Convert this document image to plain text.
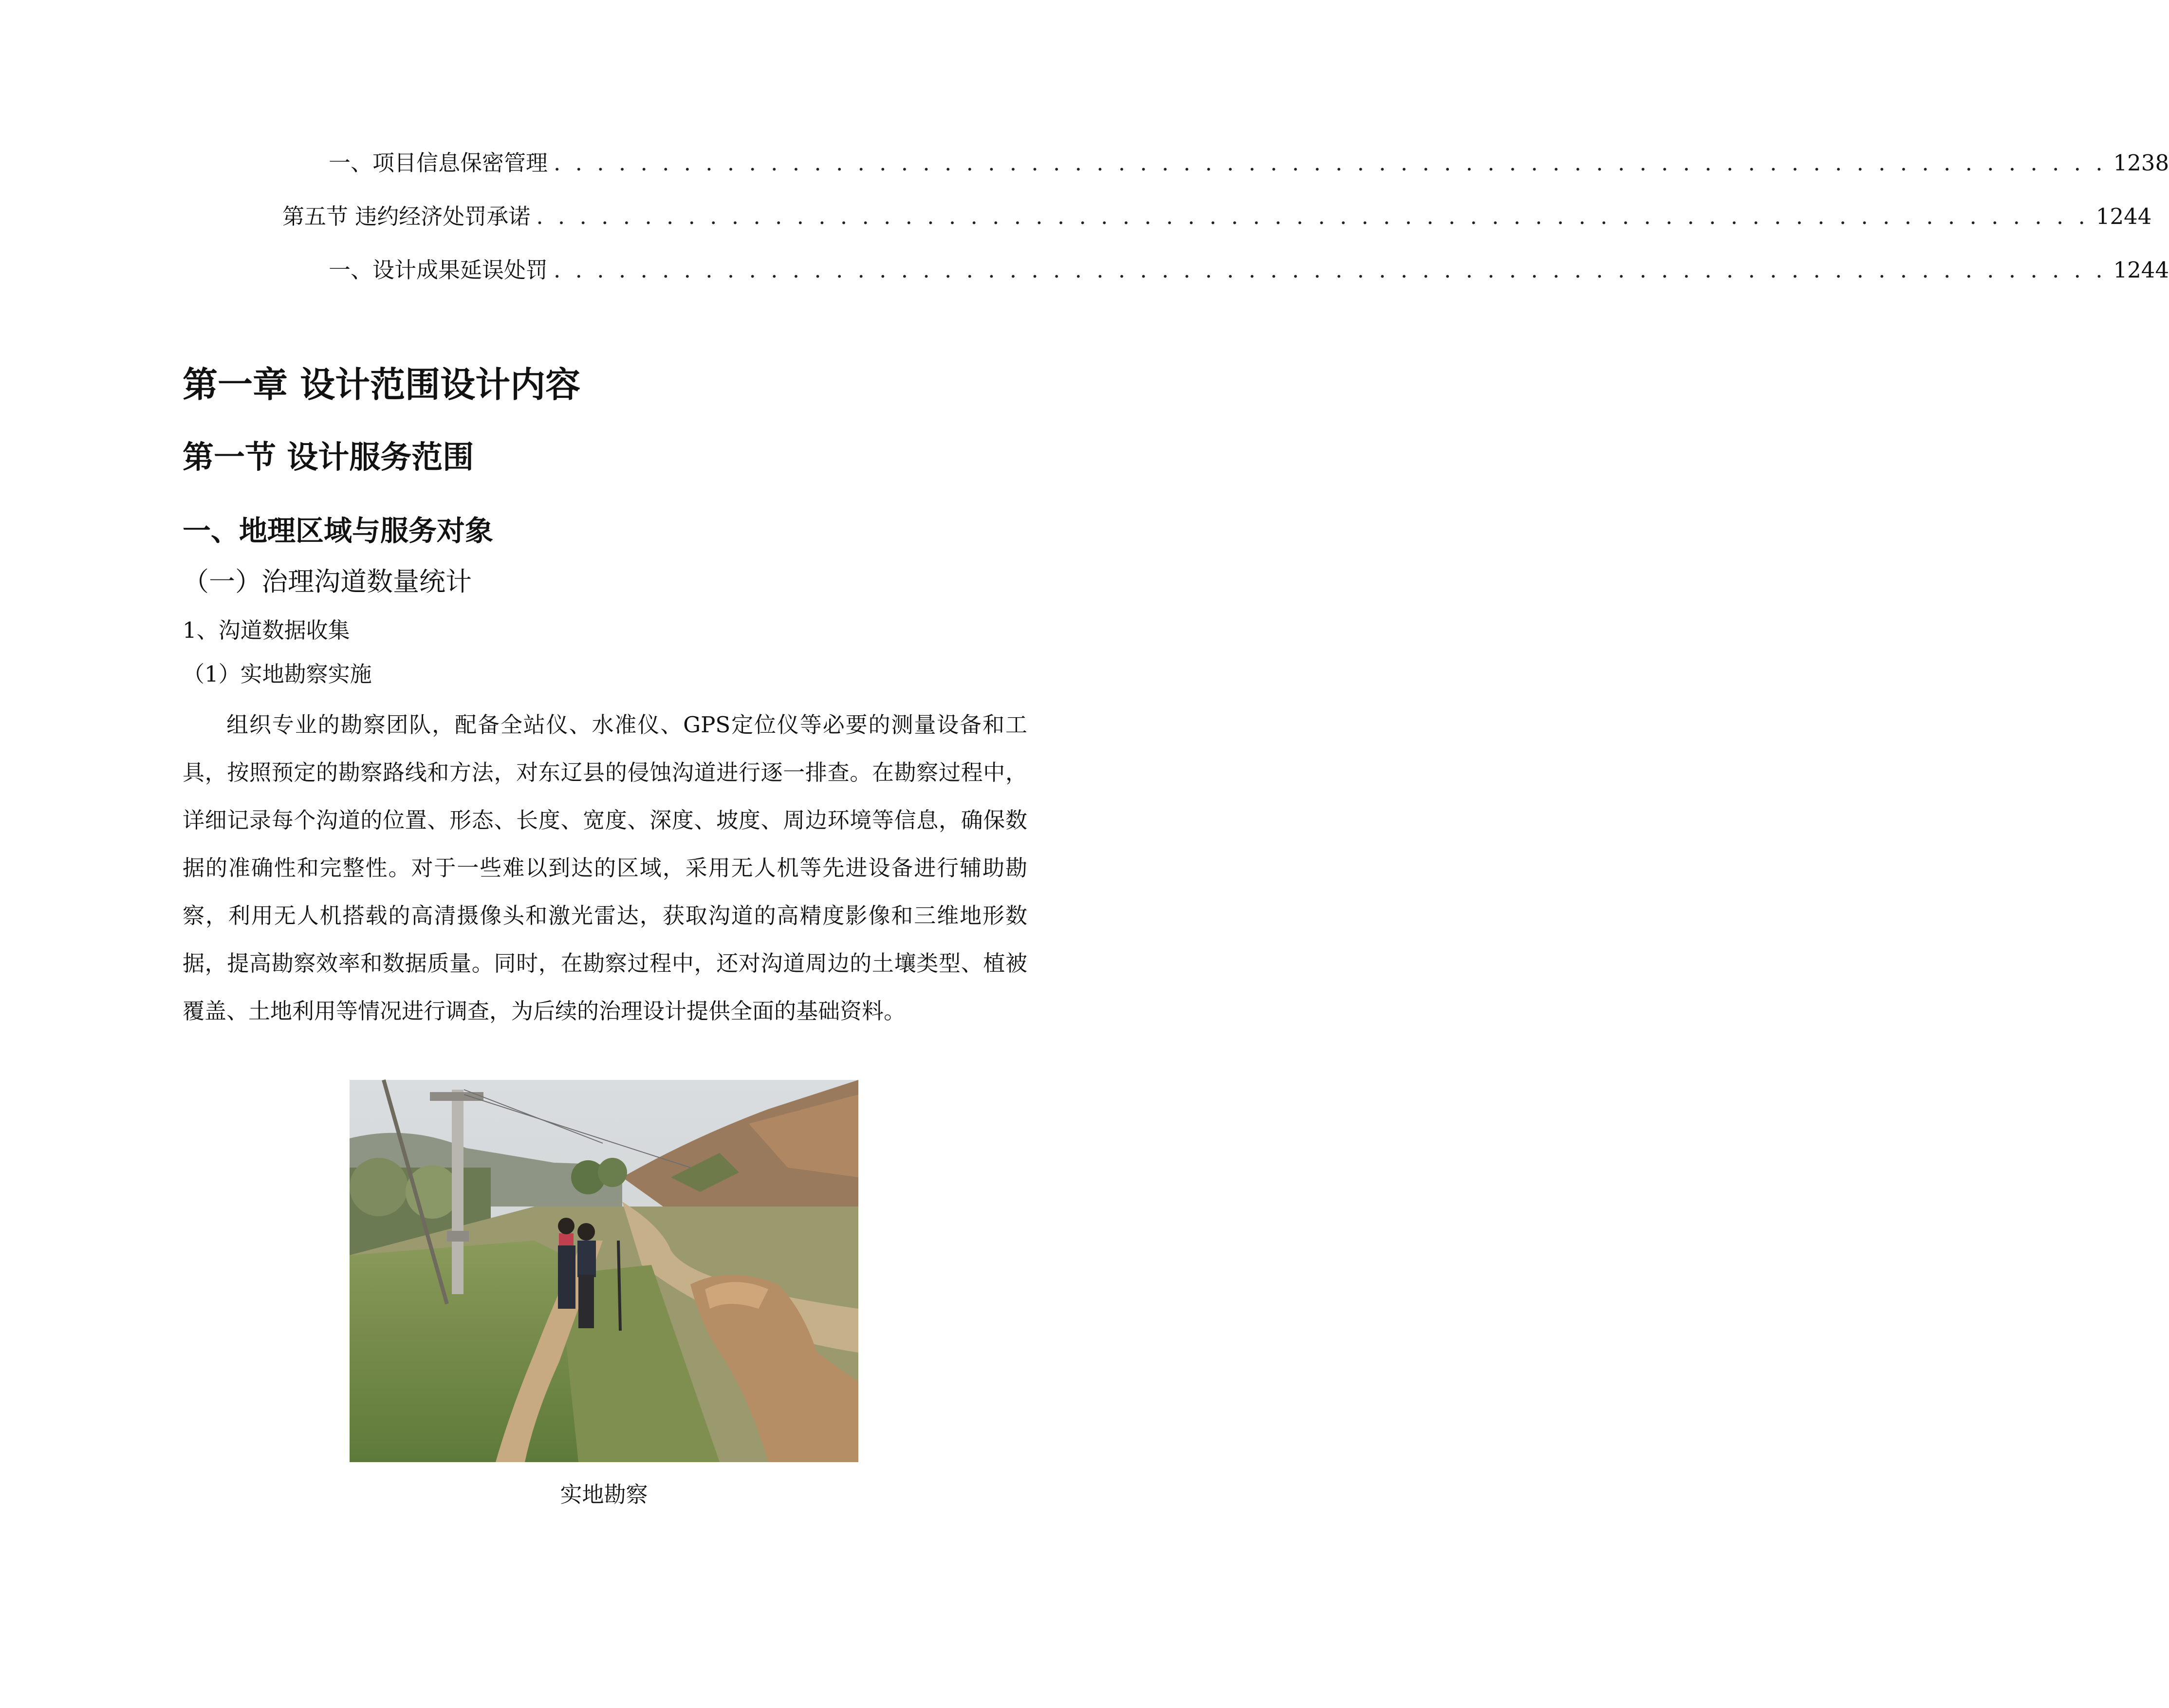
一、 项目信息保密管理 . . . . . . . . . . . . . . . . . . . . . . . . . . . . . . . . . . . . . . . . . . . . . . . . . . . . . . . . . . . . . . . . . . . . . . . . 1238
第五节 违约经济处罚承诺 . . . . . . . . . . . . . . . . . . . . . . . . . . . . . . . . . . . . . . . . . . . . . . . . . . . . . . . . . . . . . . . . . . . . . . . . 1244
一、 设计成果延误处罚 . . . . . . . . . . . . . . . . . . . . . . . . . . . . . . . . . . . . . . . . . . . . . . . . . . . . . . . . . . . . . . . . . . . . . . . . 1244
第一章 设计范围设计内容
第一节 设计服务范围
一、地理区域与服务对象
（一）治理沟道数量统计
1、沟道数据收集
（1）实地勘察实施

组织专业的勘察团队，配备全站仪、水准仪、GPS定位仪等必要的测量设备和工具，按照预定的勘察路线和方法，对东辽县的侵蚀沟道进行逐一排查。在勘察过程中，详细记录每个沟道的位置、形态、长度、宽度、深度、坡度、周边环境等信息，确保数据的准确性和完整性。对于一些难以到达的区域，采用无人机等先进设备进行辅助勘察，利用无人机搭载的高清摄像头和激光雷达，获取沟道的高精度影像和三维地形数据，提高勘察效率和数据质量。同时，在勘察过程中，还对沟道周边的土壤类型、植被覆盖、土地利用等情况进行调查，为后续的治理设计提供全面的基础资料。

实地勘察
